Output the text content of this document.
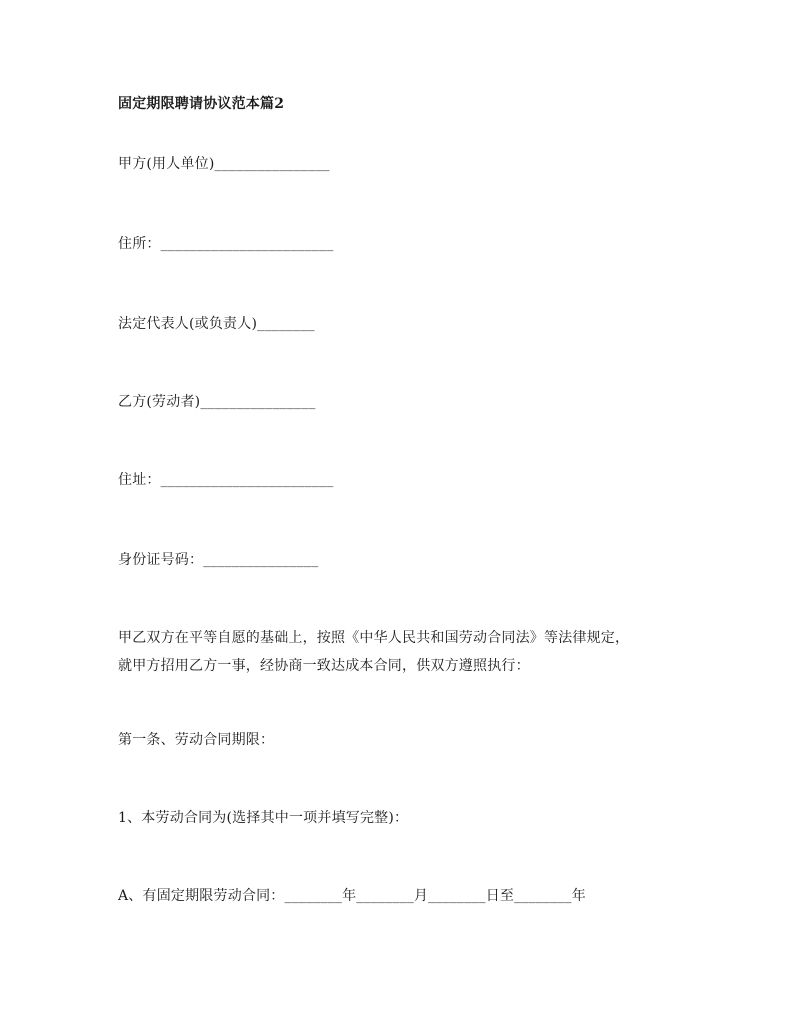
固定期限聘请协议范本篇2
甲方(用人单位)________________
住所：________________________
法定代表人(或负责人)________
乙方(劳动者)________________
住址：________________________
身份证号码：________________
甲乙双方在平等自愿的基础上，按照《中华人民共和国劳动合同法》等法律规定，
就甲方招用乙方一事，经协商一致达成本合同，供双方遵照执行：
第一条、劳动合同期限：
1、本劳动合同为(选择其中一项并填写完整)：
A、有固定期限劳动合同：________年________月________日至________年
